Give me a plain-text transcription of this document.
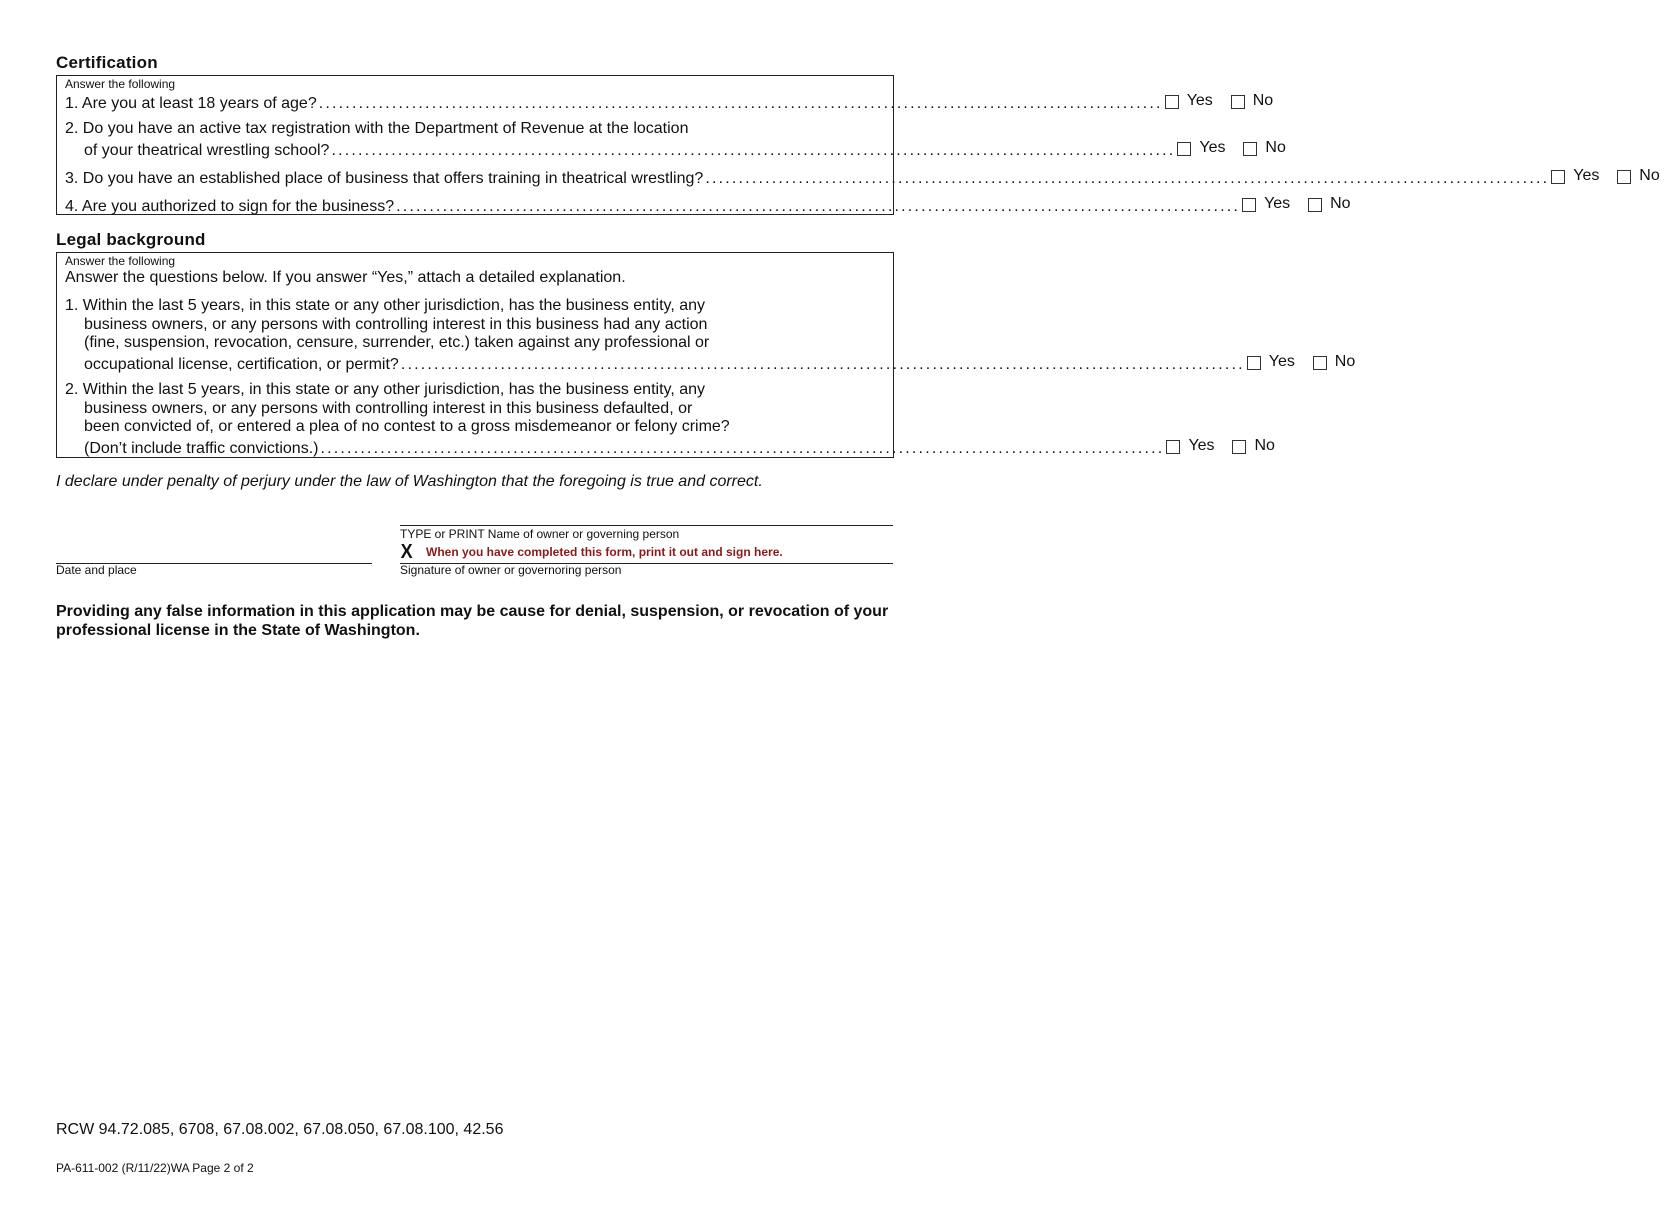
Certification
Answer the following
1. Are you at least 18 years of age? ............................................................................................................................... Yes No
2. Do you have an active tax registration with the Department of Revenue at the location
of your theatrical wrestling school? ............................................................................................................................... Yes No
3. Do you have an established place of business that offers training in theatrical wrestling? ............................................................................................................................... Yes No
4. Are you authorized to sign for the business? ............................................................................................................................... Yes No
Legal background
Answer the following
Answer the questions below. If you answer “Yes,” attach a detailed explanation.
1. Within the last 5 years, in this state or any other jurisdiction, has the business entity, any
business owners, or any persons with controlling interest in this business had any action
(fine, suspension, revocation, censure, surrender, etc.) taken against any professional or
occupational license, certification, or permit? ............................................................................................................................... Yes No
2. Within the last 5 years, in this state or any other jurisdiction, has the business entity, any
business owners, or any persons with controlling interest in this business defaulted, or
been convicted of, or entered a plea of no contest to a gross misdemeanor or felony crime?
(Don’t include traffic convictions.) ............................................................................................................................... Yes No
I declare under penalty of perjury under the law of Washington that the foregoing is true and correct.
TYPE or PRINT Name of owner or governing person
X When you have completed this form, print it out and sign here.
Date and place	Signature of owner or governoring person
Providing any false information in this application may be cause for denial, suspension, or revocation of your professional license in the State of Washington.
RCW 94.72.085, 6708, 67.08.002, 67.08.050, 67.08.100, 42.56
PA-611-002 (R/11/22)WA Page 2 of 2
